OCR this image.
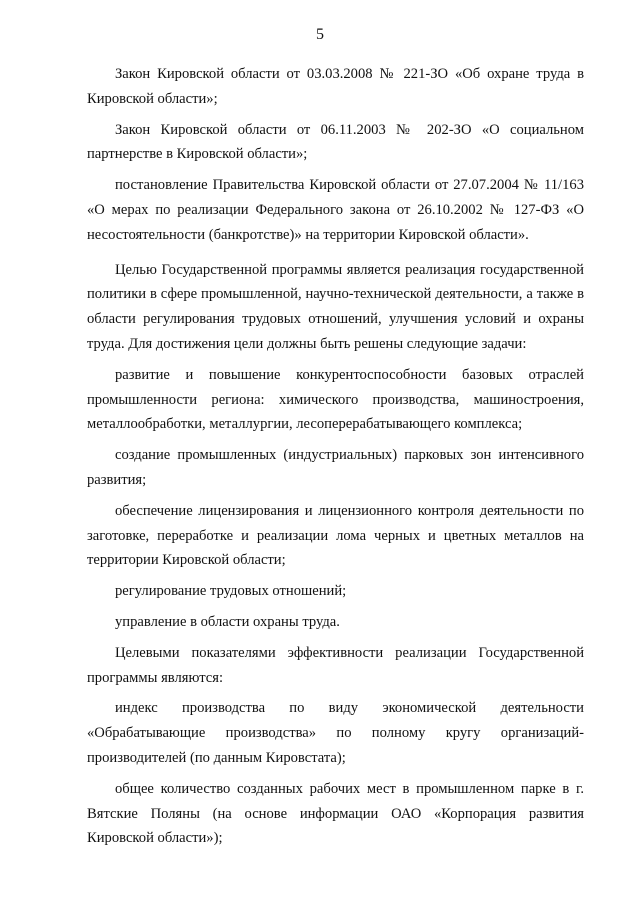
5

Закон Кировской области от 03.03.2008 № 221-ЗО «Об охране труда в Кировской области»;

Закон Кировской области от 06.11.2003 № 202-ЗО «О социальном партнерстве в Кировской области»;

постановление Правительства Кировской области от 27.07.2004 № 11/163 «О мерах по реализации Федерального закона от 26.10.2002 № 127-ФЗ «О несостоятельности (банкротстве)» на территории Кировской области».

Целью Государственной программы является реализация государственной политики в сфере промышленной, научно-технической деятельности, а также в области регулирования трудовых отношений, улучшения условий и охраны труда. Для достижения цели должны быть решены следующие задачи:

развитие и повышение конкурентоспособности базовых отраслей промышленности региона: химического производства, машиностроения, металлообработки, металлургии, лесоперерабатывающего комплекса;

создание промышленных (индустриальных) парковых зон интенсивного развития;

обеспечение лицензирования и лицензионного контроля деятельности по заготовке, переработке и реализации лома черных и цветных металлов на территории Кировской области;

регулирование трудовых отношений;

управление в области охраны труда.

Целевыми показателями эффективности реализации Государственной программы являются:

индекс производства по виду экономической деятельности «Обрабатывающие производства» по полному кругу организаций-производителей (по данным Кировстата);

общее количество созданных рабочих мест в промышленном парке в г. Вятские Поляны (на основе информации ОАО «Корпорация развития Кировской области»);
